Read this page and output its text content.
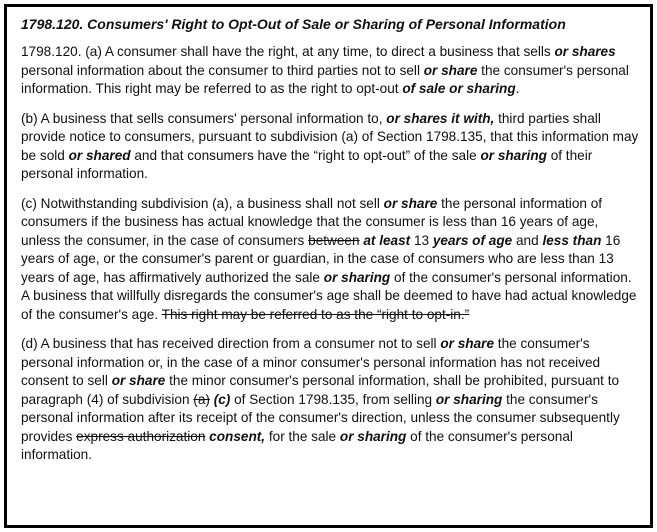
1798.120. Consumers' Right to Opt-Out of Sale or Sharing of Personal Information

1798.120. (a) A consumer shall have the right, at any time, to direct a business that sells or shares personal information about the consumer to third parties not to sell or share the consumer's personal information. This right may be referred to as the right to opt-out of sale or sharing.

(b) A business that sells consumers' personal information to, or shares it with, third parties shall provide notice to consumers, pursuant to subdivision (a) of Section 1798.135, that this information may be sold or shared and that consumers have the “right to opt-out” of the sale or sharing of their personal information.

(c) Notwithstanding subdivision (a), a business shall not sell or share the personal information of consumers if the business has actual knowledge that the consumer is less than 16 years of age, unless the consumer, in the case of consumers between at least 13 years of age and less than 16 years of age, or the consumer's parent or guardian, in the case of consumers who are less than 13 years of age, has affirmatively authorized the sale or sharing of the consumer's personal information. A business that willfully disregards the consumer's age shall be deemed to have had actual knowledge of the consumer's age. This right may be referred to as the “right to opt-in.”

(d) A business that has received direction from a consumer not to sell or share the consumer's personal information or, in the case of a minor consumer's personal information has not received consent to sell or share the minor consumer's personal information, shall be prohibited, pursuant to paragraph (4) of subdivision (a) (c) of Section 1798.135, from selling or sharing the consumer's personal information after its receipt of the consumer's direction, unless the consumer subsequently provides express authorization consent, for the sale or sharing of the consumer's personal information.
